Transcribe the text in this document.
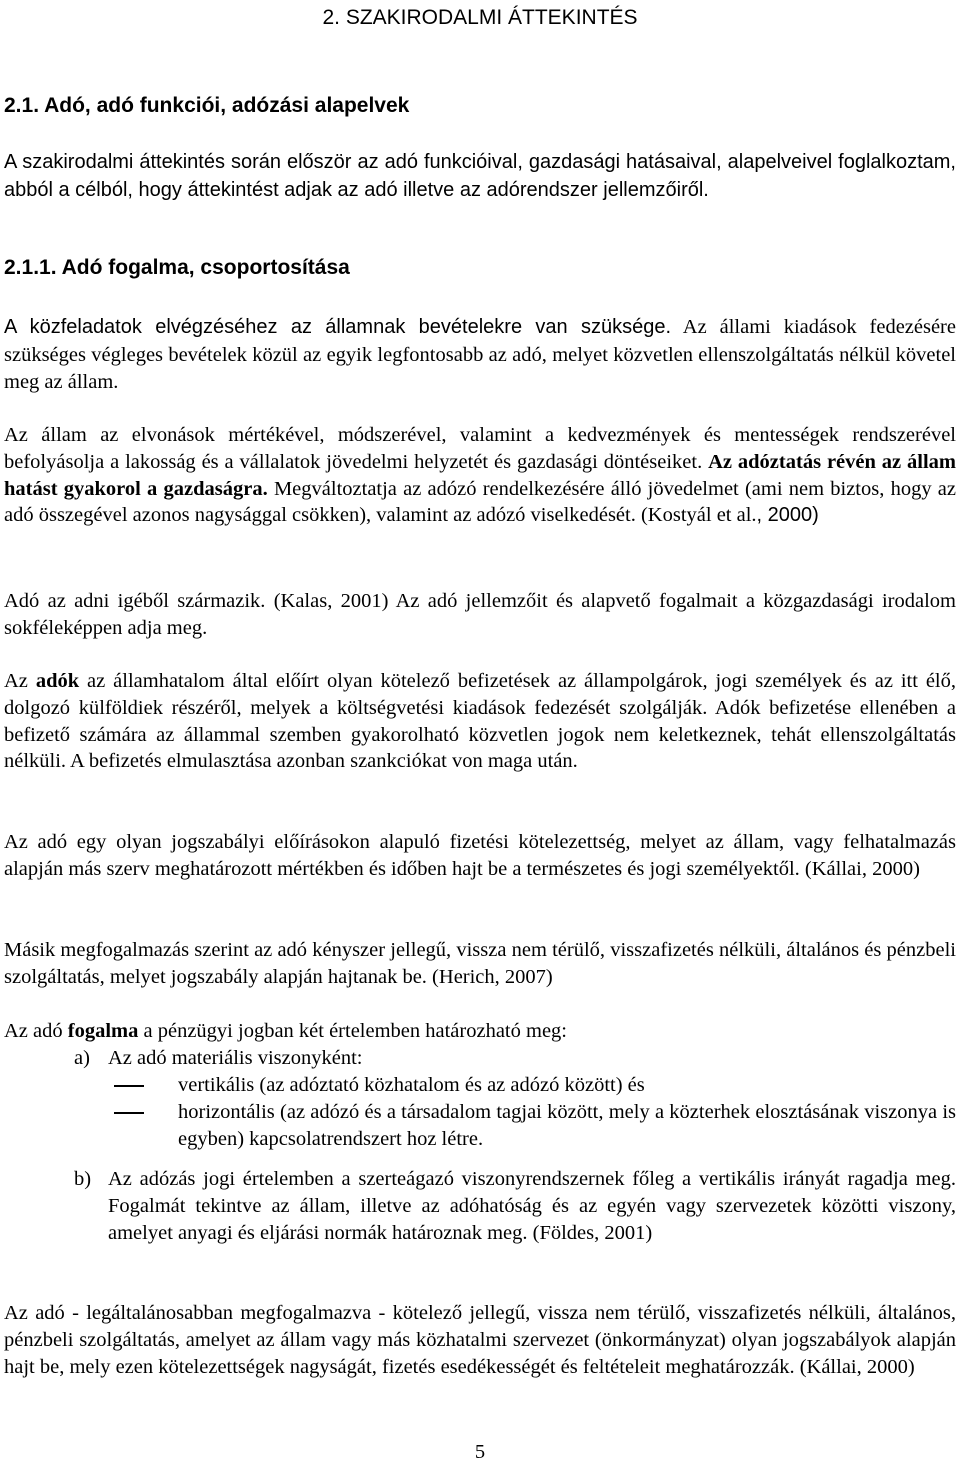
2. SZAKIRODALMI ÁTTEKINTÉS
2.1. Adó, adó funkciói, adózási alapelvek

A szakirodalmi áttekintés során először az adó funkcióival, gazdasági hatásaival, alapelveivel foglalkoztam, abból a célból, hogy áttekintést adjak az adó illetve az adórendszer jellemzőiről.

2.1.1. Adó fogalma, csoportosítása

A közfeladatok elvégzéséhez az államnak bevételekre van szüksége. Az állami kiadások fedezésére szükséges végleges bevételek közül az egyik legfontosabb az adó, melyet közvetlen ellenszolgáltatás nélkül követel meg az állam.

Az állam az elvonások mértékével, módszerével, valamint a kedvezmények és mentességek rendszerével befolyásolja a lakosság és a vállalatok jövedelmi helyzetét és gazdasági döntéseiket. Az adóztatás révén az állam hatást gyakorol a gazdaságra. Megváltoztatja az adózó rendelkezésére álló jövedelmet (ami nem biztos, hogy az adó összegével azonos nagysággal csökken), valamint az adózó viselkedését. (Kostyál et al., 2000)

Adó az adni igéből származik. (Kalas, 2001) Az adó jellemzőit és alapvető fogalmait a közgazdasági irodalom sokféleképpen adja meg.

Az adók az államhatalom által előírt olyan kötelező befizetések az állampolgárok, jogi személyek és az itt élő, dolgozó külföldiek részéről, melyek a költségvetési kiadások fedezését szolgálják. Adók befizetése ellenében a befizető számára az állammal szemben gyakorolható közvetlen jogok nem keletkeznek, tehát ellenszolgáltatás nélküli. A befizetés elmulasztása azonban szankciókat von maga után.

Az adó egy olyan jogszabályi előírásokon alapuló fizetési kötelezettség, melyet az állam, vagy felhatalmazás alapján más szerv meghatározott mértékben és időben hajt be a természetes és jogi személyektől. (Kállai, 2000)

Másik megfogalmazás szerint az adó kényszer jellegű, vissza nem térülő, visszafizetés nélküli, általános és pénzbeli szolgáltatás, melyet jogszabály alapján hajtanak be. (Herich, 2007)

Az adó fogalma a pénzügyi jogban két értelemben határozható meg:

a) Az adó materiális viszonyként:
vertikális (az adóztató közhatalom és az adózó között) és
horizontális (az adózó és a társadalom tagjai között, mely a közterhek elosztásának viszonya is egyben) kapcsolatrendszert hoz létre.
b) Az adózás jogi értelemben a szerteágazó viszonyrendszernek főleg a vertikális irányát ragadja meg. Fogalmát tekintve az állam, illetve az adóhatóság és az egyén vagy szervezetek közötti viszony, amelyet anyagi és eljárási normák határoznak meg. (Földes, 2001)

Az adó - legáltalánosabban megfogalmazva - kötelező jellegű, vissza nem térülő, visszafizetés nélküli, általános, pénzbeli szolgáltatás, amelyet az állam vagy más közhatalmi szervezet (önkormányzat) olyan jogszabályok alapján hajt be, mely ezen kötelezettségek nagyságát, fizetés esedékességét és feltételeit meghatározzák. (Kállai, 2000)

5
